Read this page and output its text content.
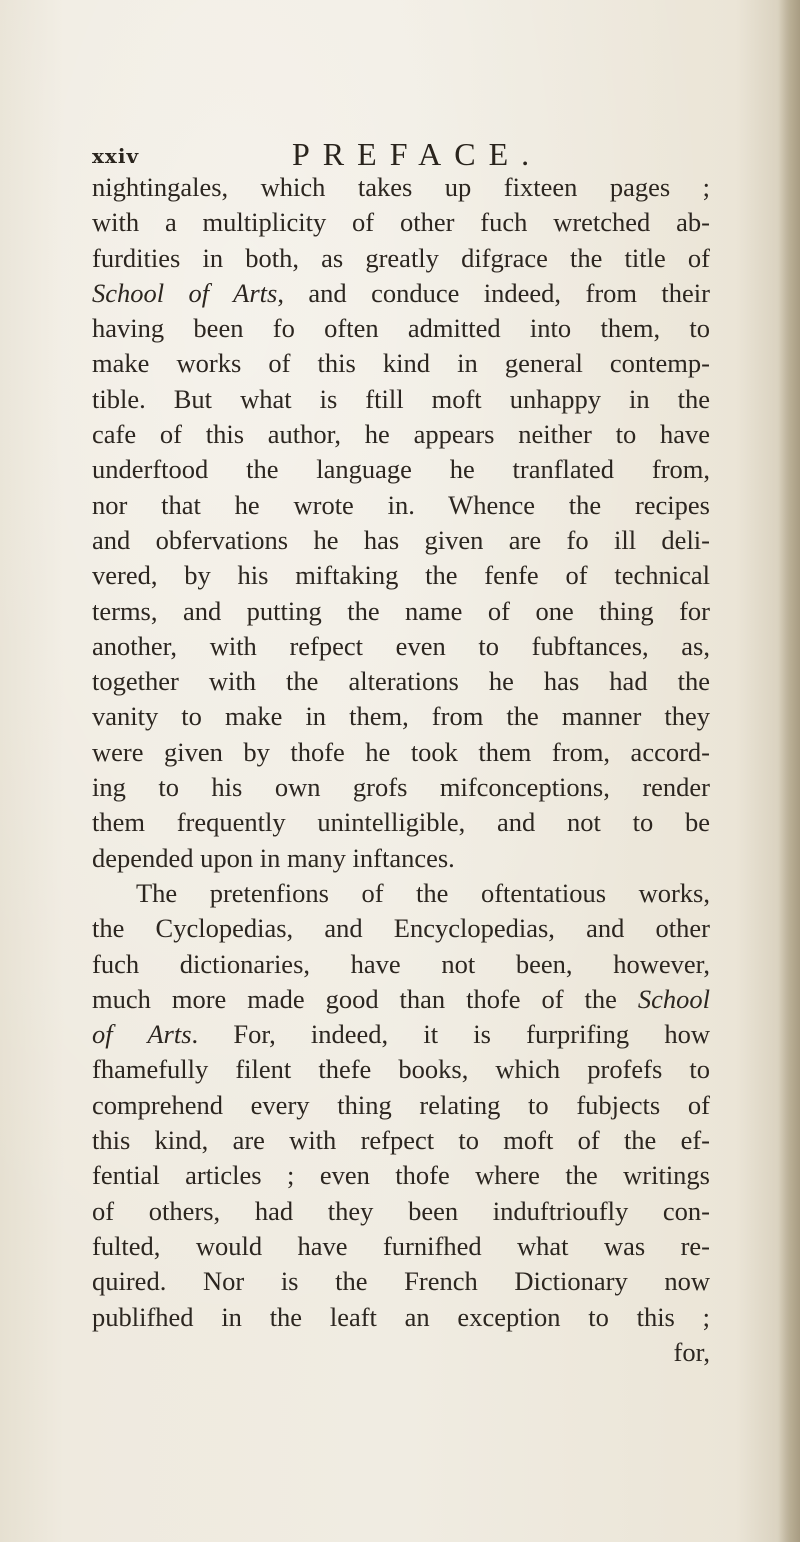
xxiv	PREFACE.
nightingales, which takes up fixteen pages ;
with a multiplicity of other fuch wretched ab-
furdities in both, as greatly difgrace the title of
School of Arts, and conduce indeed, from their
having been fo often admitted into them, to
make works of this kind in general contemp-
tible. But what is ftill moft unhappy in the
cafe of this author, he appears neither to have
underftood the language he tranflated from,
nor that he wrote in. Whence the recipes
and obfervations he has given are fo ill deli-
vered, by his miftaking the fenfe of technical
terms, and putting the name of one thing for
another, with refpect even to fubftances, as,
together with the alterations he has had the
vanity to make in them, from the manner they
were given by thofe he took them from, accord-
ing to his own grofs mifconceptions, render
them frequently unintelligible, and not to be
depended upon in many inftances.
The pretenfions of the oftentatious works,
the Cyclopedias, and Encyclopedias, and other
fuch dictionaries, have not been, however,
much more made good than thofe of the School
of Arts. For, indeed, it is furprifing how
fhamefully filent thefe books, which profefs to
comprehend every thing relating to fubjects of
this kind, are with refpect to moft of the ef-
fential articles ; even thofe where the writings
of others, had they been induftrioufly con-
fulted, would have furnifhed what was re-
quired. Nor is the French Dictionary now
publifhed in the leaft an exception to this ;
for,
